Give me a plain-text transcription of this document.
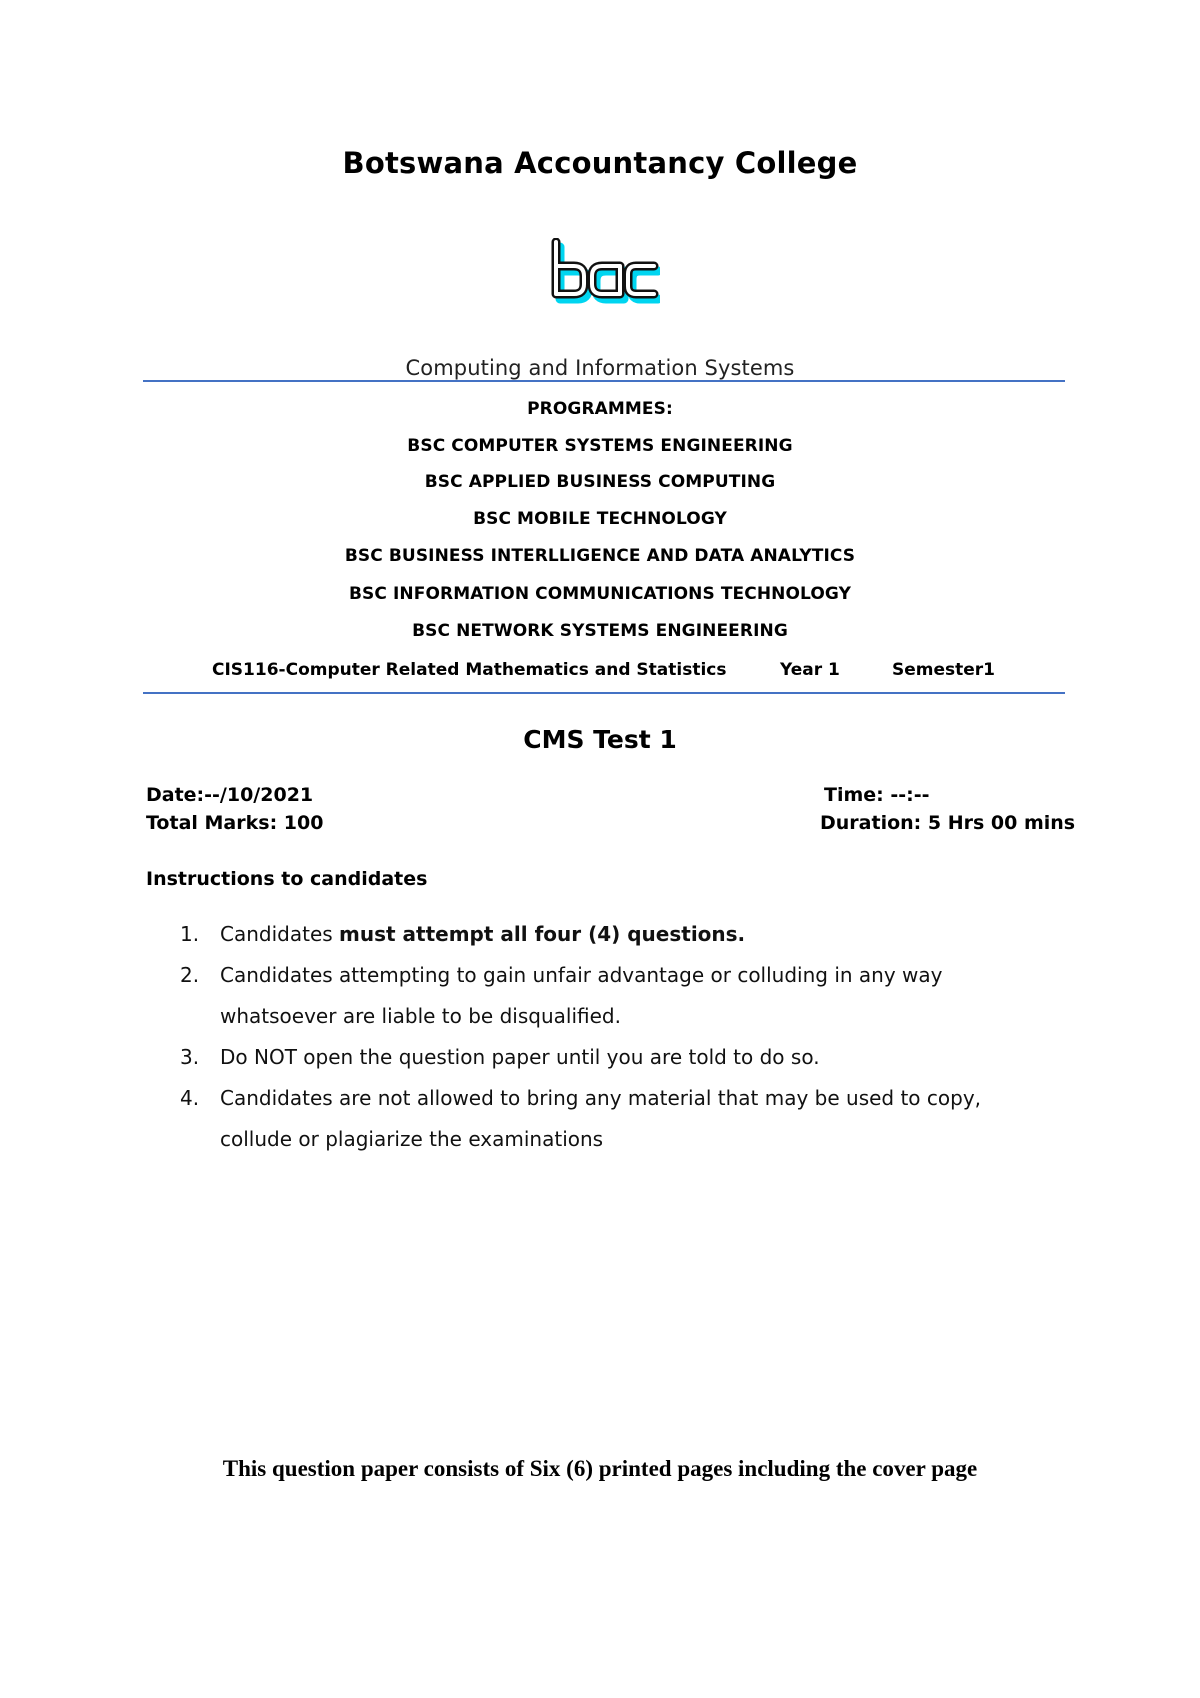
Botswana Accountancy College
Computing and Information Systems
PROGRAMMES:
BSC COMPUTER SYSTEMS ENGINEERING
BSC APPLIED BUSINESS COMPUTING
BSC MOBILE TECHNOLOGY
BSC BUSINESS INTERLLIGENCE AND DATA ANALYTICS
BSC INFORMATION COMMUNICATIONS TECHNOLOGY
BSC NETWORK SYSTEMS ENGINEERING
CIS116-Computer Related Mathematics and Statistics	Year 1	Semester1
CMS Test 1
Date:--/10/2021	Time: --:--
Total Marks: 100	Duration: 5 Hrs 00 mins
Instructions to candidates
1. Candidates must attempt all four (4) questions.
2. Candidates attempting to gain unfair advantage or colluding in any way
whatsoever are liable to be disqualified.
3. Do NOT open the question paper until you are told to do so.
4. Candidates are not allowed to bring any material that may be used to copy,
collude or plagiarize the examinations
This question paper consists of Six (6) printed pages including the cover page
